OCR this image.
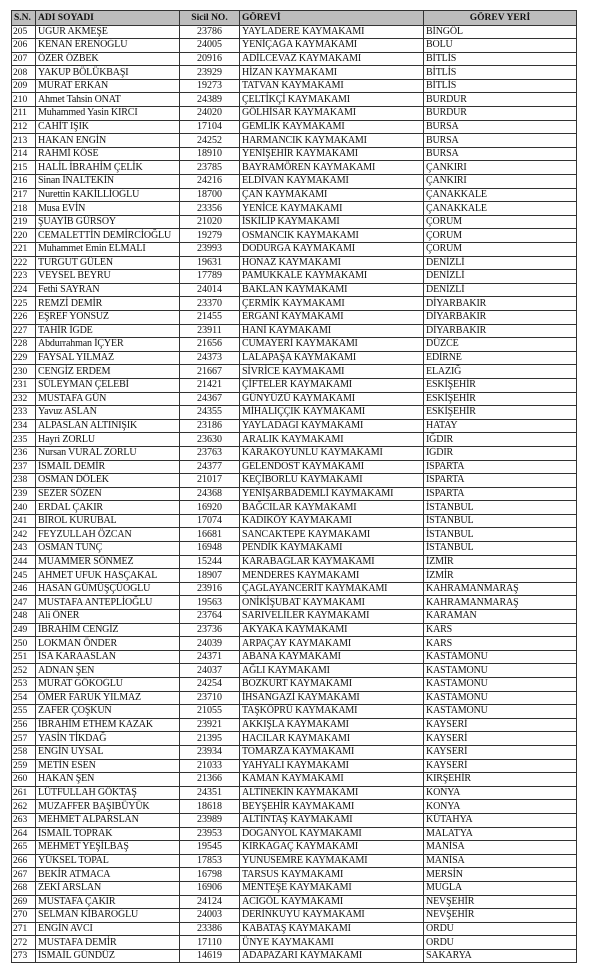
S.N.	ADI SOYADI	Sicil NO.	GÖREVİ	GÖREV YERİ
205	UĞUR AKMEŞE	23786	YAYLADERE KAYMAKAMI	BİNGÖL
206	KENAN ERENOĞLU	24005	YENİÇAĞA KAYMAKAMI	BOLU
207	ÖZER ÖZBEK	20916	ADİLCEVAZ KAYMAKAMI	BİTLİS
208	YAKUP BÖLÜKBAŞI	23929	HİZAN KAYMAKAMI	BİTLİS
209	MURAT ERKAN	19273	TATVAN KAYMAKAMI	BİTLİS
210	Ahmet Tahsin ONAT	24389	ÇELTİKÇİ KAYMAKAMI	BURDUR
211	Muhammed Yasin KIRCI	24020	GÖLHİSAR KAYMAKAMI	BURDUR
212	CAHİT IŞIK	17104	GEMLİK KAYMAKAMI	BURSA
213	HAKAN ENGİN	24252	HARMANCIK KAYMAKAMI	BURSA
214	RAHMİ KÖSE	18910	YENİŞEHİR KAYMAKAMI	BURSA
215	HALİL İBRAHİM ÇELİK	23785	BAYRAMÖREN KAYMAKAMI	ÇANKIRI
216	Sinan İNALTEKİN	24216	ELDİVAN KAYMAKAMI	ÇANKIRI
217	Nurettin KAKİLLİOĞLU	18700	ÇAN KAYMAKAMI	ÇANAKKALE
218	Musa EVİN	23356	YENİCE KAYMAKAMI	ÇANAKKALE
219	ŞUAYİB GÜRSOY	21020	İSKİLİP KAYMAKAMI	ÇORUM
220	CEMALETTİN DEMİRCİOĞLU	19279	OSMANCIK KAYMAKAMI	ÇORUM
221	Muhammet Emin ELMALI	23993	DODURGA KAYMAKAMI	ÇORUM
222	TURGUT GÜLEN	19631	HONAZ KAYMAKAMI	DENİZLİ
223	VEYSEL BEYRU	17789	PAMUKKALE KAYMAKAMI	DENİZLİ
224	Fethi SAYRAN	24014	BAKLAN KAYMAKAMI	DENİZLİ
225	REMZİ DEMİR	23370	ÇERMİK KAYMAKAMI	DİYARBAKIR
226	EŞREF YONSUZ	21455	ERGANİ KAYMAKAMI	DİYARBAKIR
227	TAHİR İĞDE	23911	HANİ KAYMAKAMI	DİYARBAKIR
228	Abdurrahman İÇYER	21656	CUMAYERİ KAYMAKAMI	DÜZCE
229	FAYSAL YILMAZ	24373	LALAPAŞA KAYMAKAMI	EDİRNE
230	CENGİZ ERDEM	21667	SİVRİCE KAYMAKAMI	ELAZIĞ
231	SÜLEYMAN ÇELEBİ	21421	ÇİFTELER KAYMAKAMI	ESKİŞEHİR
232	MUSTAFA GÜN	24367	GÜNYÜZÜ KAYMAKAMI	ESKİŞEHİR
233	Yavuz ASLAN	24355	MİHALIÇÇIK KAYMAKAMI	ESKİŞEHİR
234	ALPASLAN ALTINIŞIK	23186	YAYLADAĞI KAYMAKAMI	HATAY
235	Hayri ZORLU	23630	ARALIK KAYMAKAMI	IĞDIR
236	Nursan VURAL ZORLU	23763	KARAKOYUNLU KAYMAKAMI	IĞDIR
237	İSMAİL DEMİR	24377	GELENDOST KAYMAKAMI	ISPARTA
238	OSMAN DÖLEK	21017	KEÇİBORLU KAYMAKAMI	ISPARTA
239	SEZER SÖZEN	24368	YENİŞARBADEMLİ KAYMAKAMI	ISPARTA
240	ERDAL ÇAKIR	16920	BAĞCILAR KAYMAKAMI	İSTANBUL
241	BİROL KURUBAL	17074	KADIKÖY KAYMAKAMI	İSTANBUL
242	FEYZULLAH ÖZCAN	16681	SANCAKTEPE KAYMAKAMI	İSTANBUL
243	OSMAN TUNÇ	16948	PENDİK KAYMAKAMI	İSTANBUL
244	MUAMMER SÖNMEZ	15244	KARABAĞLAR KAYMAKAMI	İZMİR
245	AHMET UFUK HASÇAKAL	18907	MENDERES KAYMAKAMI	İZMİR
246	HASAN GÜMÜŞÇÜOĞLU	23916	ÇAĞLAYANCERİT KAYMAKAMI	KAHRAMANMARAŞ
247	MUSTAFA ANTEPLİOĞLU	19563	ONİKİŞUBAT KAYMAKAMI	KAHRAMANMARAŞ
248	Ali ÖNER	23764	SARIVELİLER KAYMAKAMI	KARAMAN
249	İBRAHİM CENGİZ	23736	AKYAKA KAYMAKAMI	KARS
250	LOKMAN ÖNDER	24039	ARPAÇAY KAYMAKAMI	KARS
251	İSA KARAASLAN	24371	ABANA KAYMAKAMI	KASTAMONU
252	ADNAN ŞEN	24037	AĞLI KAYMAKAMI	KASTAMONU
253	MURAT GÖKOĞLU	24254	BOZKURT KAYMAKAMI	KASTAMONU
254	ÖMER FARUK YILMAZ	23710	İHSANGAZİ KAYMAKAMI	KASTAMONU
255	ZAFER ÇOŞKUN	21055	TAŞKÖPRÜ KAYMAKAMI	KASTAMONU
256	İBRAHİM ETHEM KAZAK	23921	AKKIŞLA KAYMAKAMI	KAYSERİ
257	YASİN TİKDAĞ	21395	HACILAR KAYMAKAMI	KAYSERİ
258	ENGİN UYSAL	23934	TOMARZA KAYMAKAMI	KAYSERİ
259	METİN ESEN	21033	YAHYALI KAYMAKAMI	KAYSERİ
260	HAKAN ŞEN	21366	KAMAN KAYMAKAMI	KIRŞEHİR
261	LÜTFULLAH GÖKTAŞ	24351	ALTINEKİN KAYMAKAMI	KONYA
262	MUZAFFER BAŞIBÜYÜK	18618	BEYŞEHİR KAYMAKAMI	KONYA
263	MEHMET ALPARSLAN	23989	ALTINTAŞ KAYMAKAMI	KÜTAHYA
264	İSMAİL TOPRAK	23953	DOĞANYOL KAYMAKAMI	MALATYA
265	MEHMET YEŞİLBAŞ	19545	KIRKAĞAÇ KAYMAKAMI	MANİSA
266	YÜKSEL TOPAL	17853	YUNUSEMRE KAYMAKAMI	MANİSA
267	BEKİR ATMACA	16798	TARSUS KAYMAKAMI	MERSİN
268	ZEKİ ARSLAN	16906	MENTEŞE KAYMAKAMI	MUĞLA
269	MUSTAFA ÇAKIR	24124	ACIGÖL KAYMAKAMI	NEVŞEHİR
270	SELMAN KİBAROĞLU	24003	DERİNKUYU KAYMAKAMI	NEVŞEHİR
271	ENGİN AVCI	23386	KABATAŞ KAYMAKAMI	ORDU
272	MUSTAFA DEMİR	17110	ÜNYE KAYMAKAMI	ORDU
273	İSMAİL GÜNDÜZ	14619	ADAPAZARI KAYMAKAMI	SAKARYA
